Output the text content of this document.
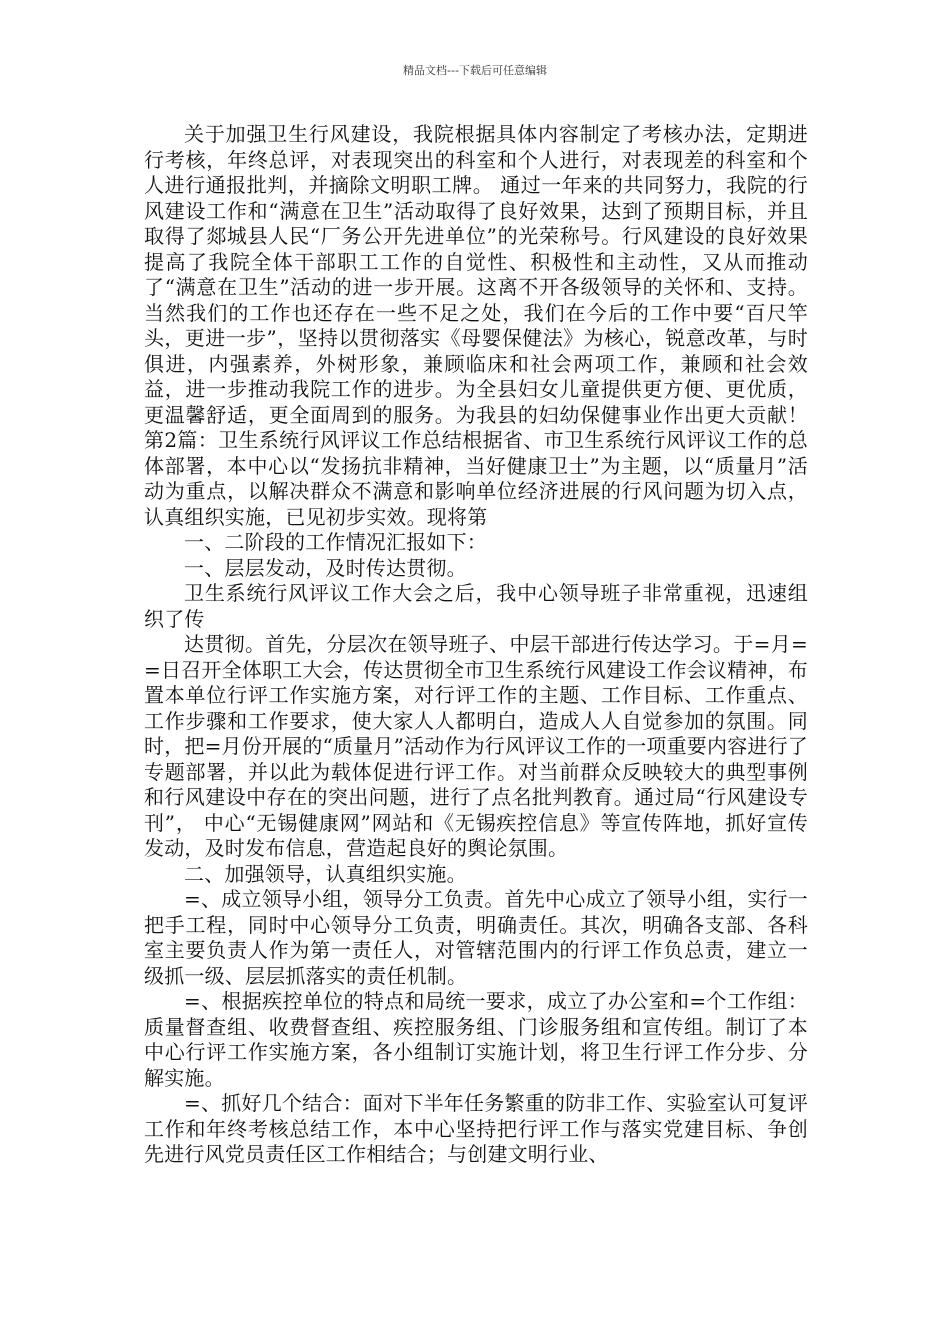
精品文档---下载后可任意编辑

关于加强卫生行风建设，我院根据具体内容制定了考核办法，定期进行考核，年终总评，对表现突出的科室和个人进行，对表现差的科室和个人进行通报批判，并摘除文明职工牌。 通过一年来的共同努力，我院的行风建设工作和“满意在卫生”活动取得了良好效果，达到了预期目标，并且取得了郯城县人民“厂务公开先进单位”的光荣称号。行风建设的良好效果提高了我院全体干部职工工作的自觉性、积极性和主动性，又从而推动了“满意在卫生”活动的进一步开展。这离不开各级领导的关怀和、支持。当然我们的工作也还存在一些不足之处，我们在今后的工作中要“百尺竿头，更进一步”，坚持以贯彻落实《母婴保健法》为核心，锐意改革，与时俱进，内强素养，外树形象，兼顾临床和社会两项工作，兼顾和社会效益，进一步推动我院工作的进步。为全县妇女儿童提供更方便、更优质，更温馨舒适，更全面周到的服务。为我县的妇幼保健事业作出更大贡献！第2篇：卫生系统行风评议工作总结根据省、市卫生系统行风评议工作的总体部署，本中心以“发扬抗非精神，当好健康卫士”为主题，以“质量月”活动为重点，以解决群众不满意和影响单位经济进展的行风问题为切入点，认真组织实施，已见初步实效。现将第

一、二阶段的工作情况汇报如下：

一、层层发动，及时传达贯彻。

卫生系统行风评议工作大会之后，我中心领导班子非常重视，迅速组织了传

达贯彻。首先，分层次在领导班子、中层干部进行传达学习。于=月==日召开全体职工大会，传达贯彻全市卫生系统行风建设工作会议精神，布置本单位行评工作实施方案，对行评工作的主题、工作目标、工作重点、工作步骤和工作要求，使大家人人都明白，造成人人自觉参加的氛围。同时，把=月份开展的“质量月”活动作为行风评议工作的一项重要内容进行了专题部署，并以此为载体促进行评工作。对当前群众反映较大的典型事例和行风建设中存在的突出问题，进行了点名批判教育。通过局“行风建设专刊”， 中心“无锡健康网”网站和《无锡疾控信息》等宣传阵地，抓好宣传发动，及时发布信息，营造起良好的舆论氛围。

二、加强领导，认真组织实施。

=、成立领导小组，领导分工负责。首先中心成立了领导小组，实行一把手工程，同时中心领导分工负责，明确责任。其次，明确各支部、各科室主要负责人作为第一责任人，对管辖范围内的行评工作负总责，建立一级抓一级、层层抓落实的责任机制。

=、根据疾控单位的特点和局统一要求，成立了办公室和=个工作组：质量督查组、收费督查组、疾控服务组、门诊服务组和宣传组。制订了本中心行评工作实施方案，各小组制订实施计划，将卫生行评工作分步、分解实施。

=、抓好几个结合：面对下半年任务繁重的防非工作、实验室认可复评工作和年终考核总结工作，本中心坚持把行评工作与落实党建目标、争创先进行风党员责任区工作相结合；与创建文明行业、
